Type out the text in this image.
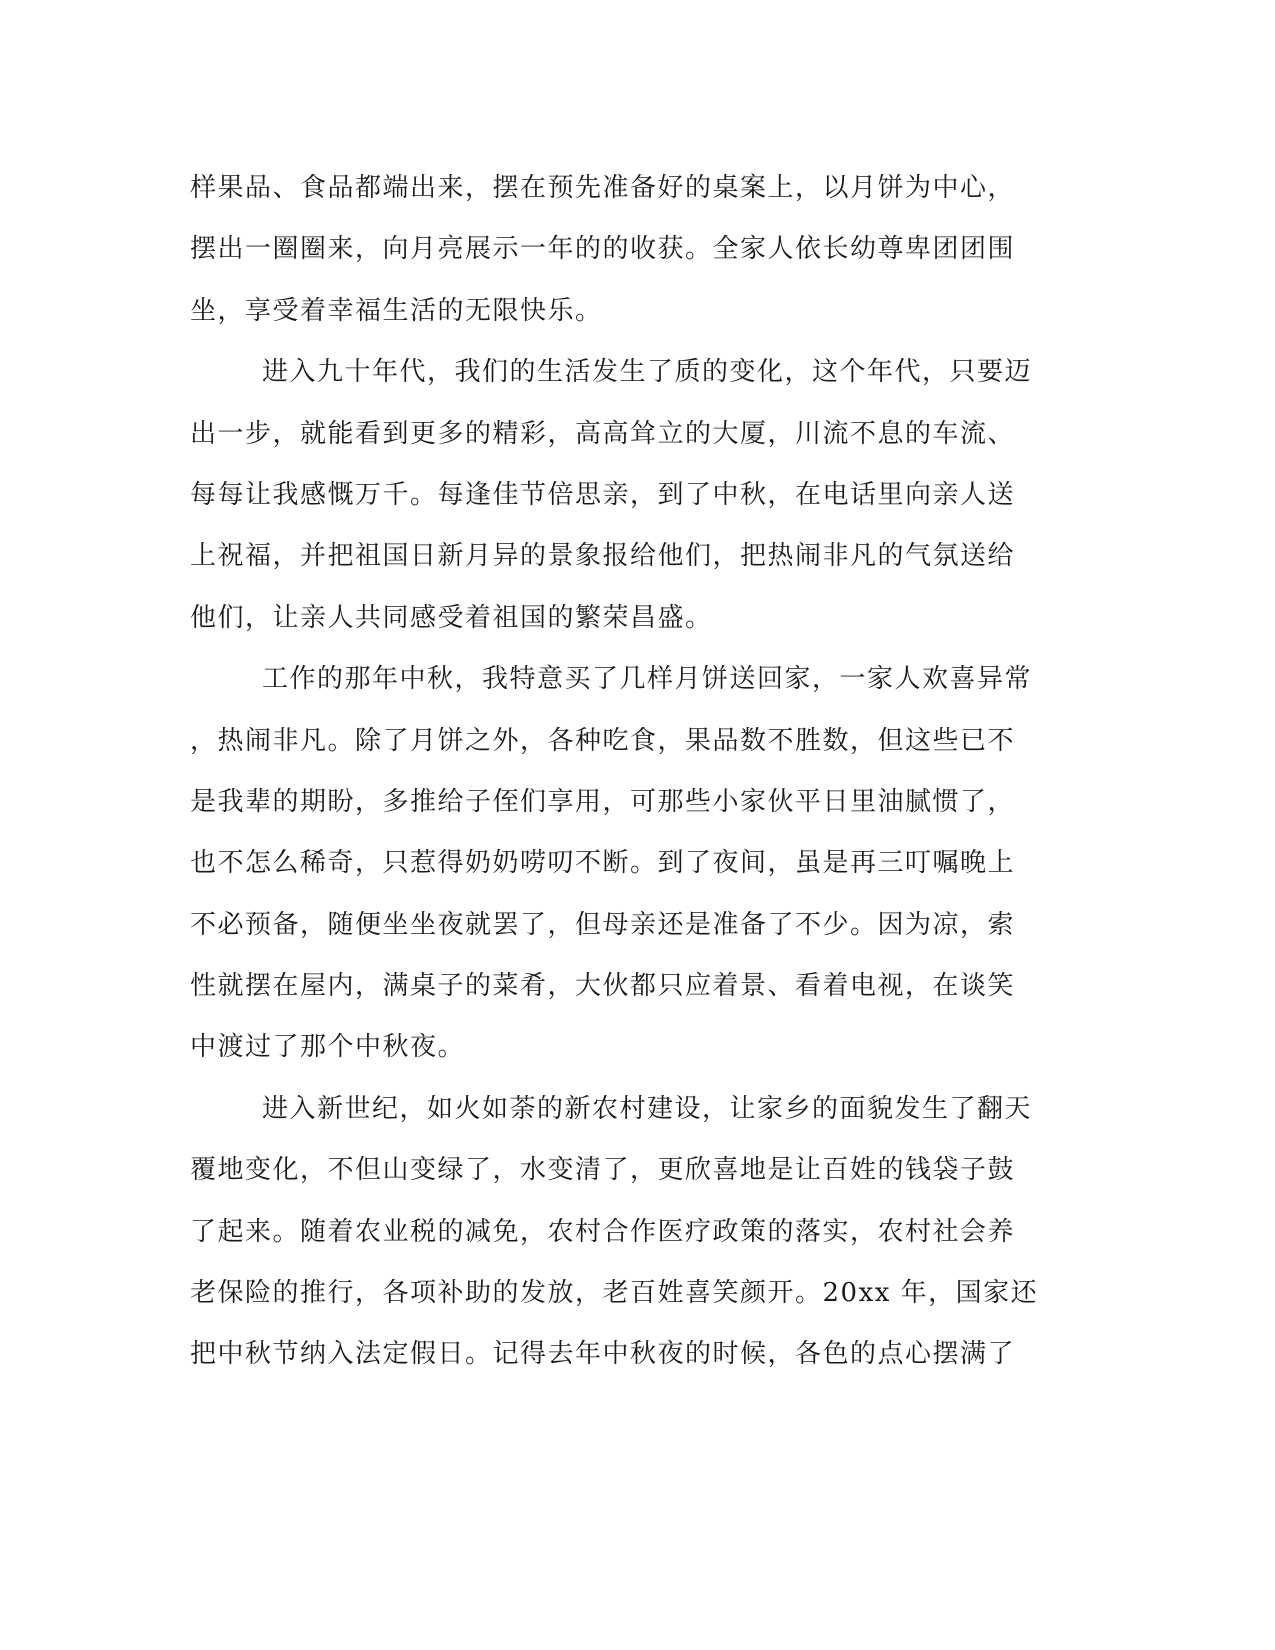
样果品、食品都端出来，摆在预先准备好的桌案上，以月饼为中心，
摆出一圈圈来，向月亮展示一年的的收获。全家人依长幼尊卑团团围
坐，享受着幸福生活的无限快乐。
进入九十年代，我们的生活发生了质的变化，这个年代，只要迈
出一步，就能看到更多的精彩，高高耸立的大厦，川流不息的车流、
每每让我感慨万千。每逢佳节倍思亲，到了中秋，在电话里向亲人送
上祝福，并把祖国日新月异的景象报给他们，把热闹非凡的气氛送给
他们，让亲人共同感受着祖国的繁荣昌盛。
工作的那年中秋，我特意买了几样月饼送回家，一家人欢喜异常
，热闹非凡。除了月饼之外，各种吃食，果品数不胜数，但这些已不
是我辈的期盼，多推给子侄们享用，可那些小家伙平日里油腻惯了，
也不怎么稀奇，只惹得奶奶唠叨不断。到了夜间，虽是再三叮嘱晚上
不必预备，随便坐坐夜就罢了，但母亲还是准备了不少。因为凉，索
性就摆在屋内，满桌子的菜肴，大伙都只应着景、看着电视，在谈笑
中渡过了那个中秋夜。
进入新世纪，如火如荼的新农村建设，让家乡的面貌发生了翻天
覆地变化，不但山变绿了，水变清了，更欣喜地是让百姓的钱袋子鼓
了起来。随着农业税的减免，农村合作医疗政策的落实，农村社会养
老保险的推行，各项补助的发放，老百姓喜笑颜开。20xx 年，国家还
把中秋节纳入法定假日。记得去年中秋夜的时候，各色的点心摆满了
